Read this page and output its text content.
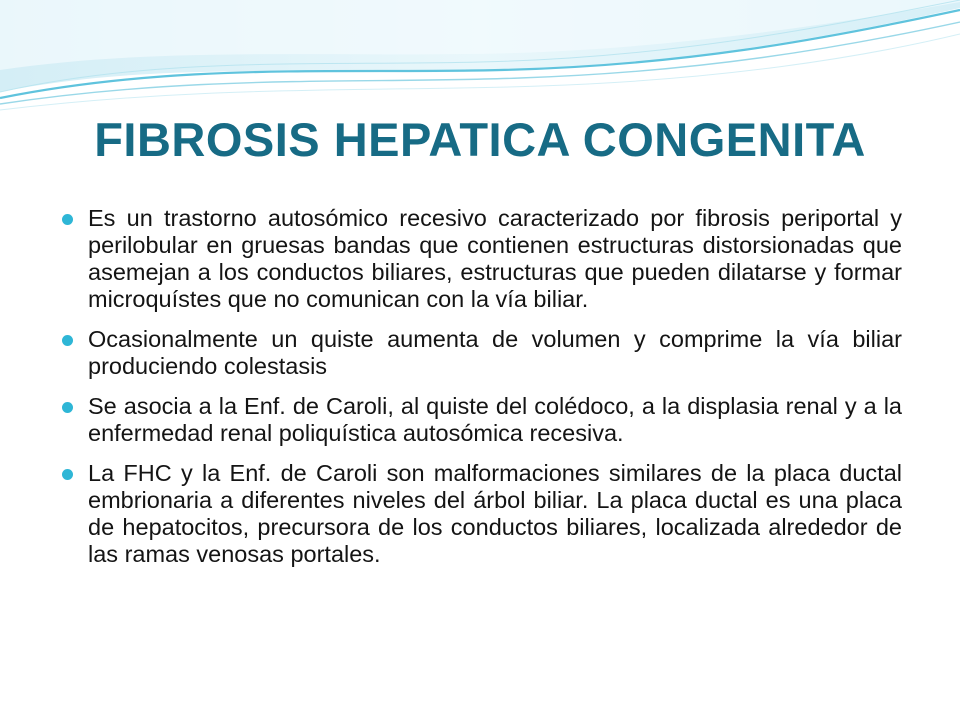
FIBROSIS HEPATICA CONGENITA
Es un trastorno autosómico recesivo caracterizado por fibrosis periportal y perilobular en gruesas bandas que contienen estructuras distorsionadas que asemejan a los conductos biliares, estructuras que pueden dilatarse y formar microquístes que no comunican con la vía biliar.
Ocasionalmente un quiste aumenta de volumen y comprime la vía biliar produciendo colestasis
Se asocia a la Enf. de Caroli, al quiste del colédoco, a la displasia renal y a la enfermedad renal poliquística autosómica recesiva.
La FHC y la Enf. de Caroli son malformaciones similares de la placa ductal embrionaria a diferentes niveles del árbol biliar. La placa ductal es una placa de hepatocitos, precursora de los conductos biliares, localizada alrededor de las ramas venosas portales.
